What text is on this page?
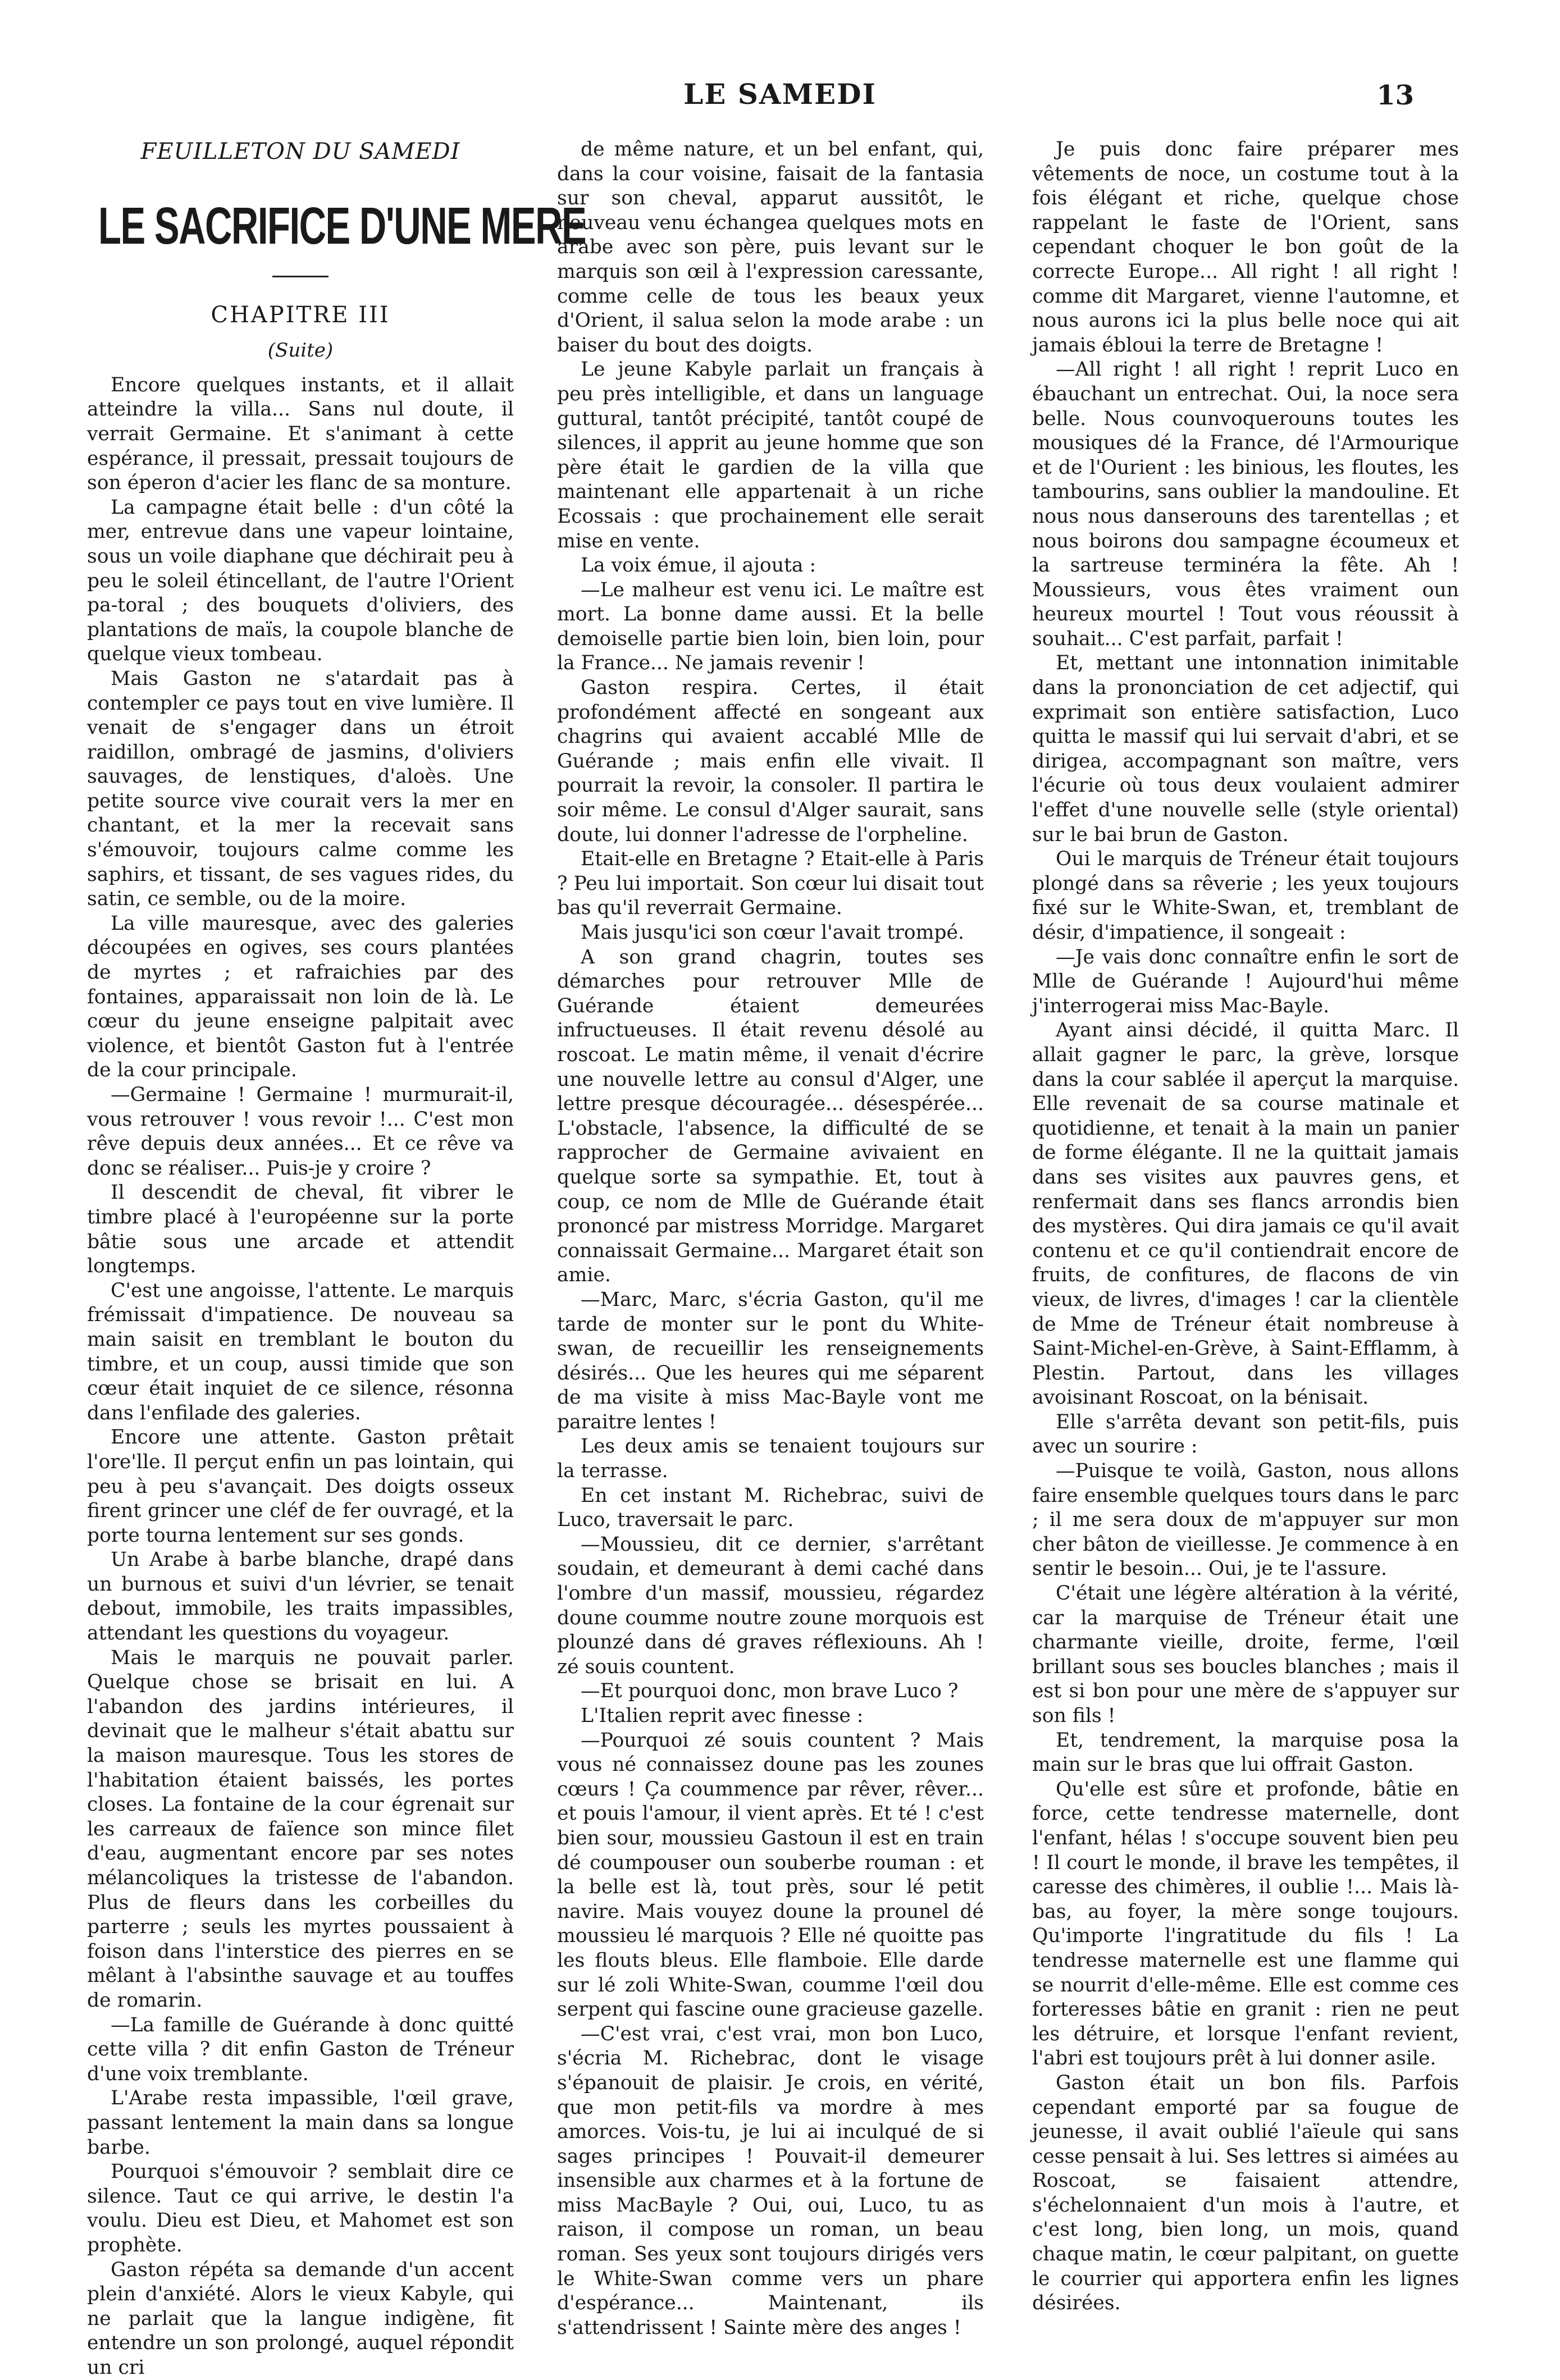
LE SAMEDI	13
FEUILLETON DU SAMEDI
LE SACRIFICE D'UNE MERE
CHAPITRE III
(Suite)

Encore quelques instants, et il allait atteindre la villa... Sans nul doute, il verrait Germaine. Et s'animant à cette espérance, il pressait, pressait toujours de son éperon d'acier les flanc de sa monture.

La campagne était belle : d'un côté la mer, entrevue dans une vapeur lointaine, sous un voile diaphane que déchirait peu à peu le soleil étincellant, de l'autre l'Orient pa-toral ; des bouquets d'oliviers, des plantations de maïs, la coupole blanche de quelque vieux tombeau.

Mais Gaston ne s'atardait pas à contempler ce pays tout en vive lumière. Il venait de s'engager dans un étroit raidillon, ombragé de jasmins, d'oliviers sauvages, de lenstiques, d'aloès. Une petite source vive courait vers la mer en chantant, et la mer la recevait sans s'émouvoir, toujours calme comme les saphirs, et tissant, de ses vagues rides, du satin, ce semble, ou de la moire.

La ville mauresque, avec des galeries découpées en ogives, ses cours plantées de myrtes ; et rafraichies par des fontaines, apparaissait non loin de là. Le cœur du jeune enseigne palpitait avec violence, et bientôt Gaston fut à l'entrée de la cour principale.

—Germaine ! Germaine ! murmurait-il, vous retrouver ! vous revoir !... C'est mon rêve depuis deux années... Et ce rêve va donc se réaliser... Puis-je y croire ?

Il descendit de cheval, fit vibrer le timbre placé à l'européenne sur la porte bâtie sous une arcade et attendit longtemps.

C'est une angoisse, l'attente. Le marquis frémissait d'impatience. De nouveau sa main saisit en tremblant le bouton du timbre, et un coup, aussi timide que son cœur était inquiet de ce silence, résonna dans l'enfilade des galeries.

Encore une attente. Gaston prêtait l'ore'lle. Il perçut enfin un pas lointain, qui peu à peu s'avançait. Des doigts osseux firent grincer une cléf de fer ouvragé, et la porte tourna lentement sur ses gonds.

Un Arabe à barbe blanche, drapé dans un burnous et suivi d'un lévrier, se tenait debout, immobile, les traits impassibles, attendant les questions du voyageur.

Mais le marquis ne pouvait parler. Quelque chose se brisait en lui. A l'abandon des jardins intérieures, il devinait que le malheur s'était abattu sur la maison mauresque. Tous les stores de l'habitation étaient baissés, les portes closes. La fontaine de la cour égrenait sur les carreaux de faïence son mince filet d'eau, augmentant encore par ses notes mélancoliques la tristesse de l'abandon. Plus de fleurs dans les corbeilles du parterre ; seuls les myrtes poussaient à foison dans l'interstice des pierres en se mêlant à l'absinthe sauvage et au touffes de romarin.

—La famille de Guérande à donc quitté cette villa ? dit enfin Gaston de Tréneur d'une voix tremblante.

L'Arabe resta impassible, l'œil grave, passant lentement la main dans sa longue barbe.

Pourquoi s'émouvoir ? semblait dire ce silence. Taut ce qui arrive, le destin l'a voulu. Dieu est Dieu, et Mahomet est son prophète.

Gaston répéta sa demande d'un accent plein d'anxiété. Alors le vieux Kabyle, qui ne parlait que la langue indigène, fit entendre un son prolongé, auquel répondit un cri

de même nature, et un bel enfant, qui, dans la cour voisine, faisait de la fantasia sur son cheval, apparut aussitôt, le nouveau venu échangea quelques mots en arabe avec son père, puis levant sur le marquis son œil à l'expression caressante, comme celle de tous les beaux yeux d'Orient, il salua selon la mode arabe : un baiser du bout des doigts.

Le jeune Kabyle parlait un français à peu près intelligible, et dans un language guttural, tantôt précipité, tantôt coupé de silences, il apprit au jeune homme que son père était le gardien de la villa que maintenant elle appartenait à un riche Ecossais : que prochainement elle serait mise en vente.

La voix émue, il ajouta :

—Le malheur est venu ici. Le maître est mort. La bonne dame aussi. Et la belle demoiselle partie bien loin, bien loin, pour la France... Ne jamais revenir !

Gaston respira. Certes, il était profondément affecté en songeant aux chagrins qui avaient accablé Mlle de Guérande ; mais enfin elle vivait. Il pourrait la revoir, la consoler. Il partira le soir même. Le consul d'Alger saurait, sans doute, lui donner l'adresse de l'orpheline.

Etait-elle en Bretagne ? Etait-elle à Paris ? Peu lui importait. Son cœur lui disait tout bas qu'il reverrait Germaine.

Mais jusqu'ici son cœur l'avait trompé.

A son grand chagrin, toutes ses démarches pour retrouver Mlle de Guérande étaient demeurées infructueuses. Il était revenu désolé au roscoat. Le matin même, il venait d'écrire une nouvelle lettre au consul d'Alger, une lettre presque découragée... désespérée... L'obstacle, l'absence, la difficulté de se rapprocher de Germaine avivaient en quelque sorte sa sympathie. Et, tout à coup, ce nom de Mlle de Guérande était prononcé par mistress Morridge. Margaret connaissait Germaine... Margaret était son amie.

—Marc, Marc, s'écria Gaston, qu'il me tarde de monter sur le pont du White-swan, de recueillir les renseignements désirés... Que les heures qui me séparent de ma visite à miss Mac-Bayle vont me paraitre lentes !

Les deux amis se tenaient toujours sur la terrasse.

En cet instant M. Richebrac, suivi de Luco, traversait le parc.

—Moussieu, dit ce dernier, s'arrêtant soudain, et demeurant à demi caché dans l'ombre d'un massif, moussieu, régardez doune coumme noutre zoune morquois est plounzé dans dé graves réflexiouns. Ah ! zé souis countent.

—Et pourquoi donc, mon brave Luco ?

L'Italien reprit avec finesse :

—Pourquoi zé souis countent ? Mais vous né connaissez doune pas les zounes cœurs ! Ça coummence par rêver, rêver... et pouis l'amour, il vient après. Et té ! c'est bien sour, moussieu Gastoun il est en train dé coumpouser oun souberbe rouman : et la belle est là, tout près, sour lé petit navire. Mais vouyez doune la prounel dé moussieu lé marquois ? Elle né quoitte pas les flouts bleus. Elle flamboie. Elle darde sur lé zoli White-Swan, coumme l'œil dou serpent qui fascine oune gracieuse gazelle.

—C'est vrai, c'est vrai, mon bon Luco, s'écria M. Richebrac, dont le visage s'épanouit de plaisir. Je crois, en vérité, que mon petit-fils va mordre à mes amorces. Vois-tu, je lui ai inculqué de si sages principes ! Pouvait-il demeurer insensible aux charmes et à la fortune de miss MacBayle ? Oui, oui, Luco, tu as raison, il compose un roman, un beau roman. Ses yeux sont toujours dirigés vers le White-Swan comme vers un phare d'espérance... Maintenant, ils s'attendrissent ! Sainte mère des anges !

Je puis donc faire préparer mes vêtements de noce, un costume tout à la fois élégant et riche, quelque chose rappelant le faste de l'Orient, sans cependant choquer le bon goût de la correcte Europe... All right ! all right ! comme dit Margaret, vienne l'automne, et nous aurons ici la plus belle noce qui ait jamais ébloui la terre de Bretagne !

—All right ! all right ! reprit Luco en ébauchant un entrechat. Oui, la noce sera belle. Nous counvoquerouns toutes les mousiques dé la France, dé l'Armourique et de l'Ourient : les binious, les floutes, les tambourins, sans oublier la mandouline. Et nous nous danserouns des tarentellas ; et nous boirons dou sampagne écoumeux et la sartreuse terminéra la fête. Ah ! Moussieurs, vous êtes vraiment oun heureux mourtel ! Tout vous réoussit à souhait... C'est parfait, parfait !

Et, mettant une intonnation inimitable dans la prononciation de cet adjectif, qui exprimait son entière satisfaction, Luco quitta le massif qui lui servait d'abri, et se dirigea, accompagnant son maître, vers l'écurie où tous deux voulaient admirer l'effet d'une nouvelle selle (style oriental) sur le bai brun de Gaston.

Oui le marquis de Tréneur était toujours plongé dans sa rêverie ; les yeux toujours fixé sur le White-Swan, et, tremblant de désir, d'impatience, il songeait :

—Je vais donc connaître enfin le sort de Mlle de Guérande ! Aujourd'hui même j'interrogerai miss Mac-Bayle.

Ayant ainsi décidé, il quitta Marc. Il allait gagner le parc, la grève, lorsque dans la cour sablée il aperçut la marquise. Elle revenait de sa course matinale et quotidienne, et tenait à la main un panier de forme élégante. Il ne la quittait jamais dans ses visites aux pauvres gens, et renfermait dans ses flancs arrondis bien des mystères. Qui dira jamais ce qu'il avait contenu et ce qu'il contiendrait encore de fruits, de confitures, de flacons de vin vieux, de livres, d'images ! car la clientèle de Mme de Tréneur était nombreuse à Saint-Michel-en-Grève, à Saint-Efflamm, à Plestin. Partout, dans les villages avoisinant Roscoat, on la bénisait.

Elle s'arrêta devant son petit-fils, puis avec un sourire :

—Puisque te voilà, Gaston, nous allons faire ensemble quelques tours dans le parc ; il me sera doux de m'appuyer sur mon cher bâton de vieillesse. Je commence à en sentir le besoin... Oui, je te l'assure.

C'était une légère altération à la vérité, car la marquise de Tréneur était une charmante vieille, droite, ferme, l'œil brillant sous ses boucles blanches ; mais il est si bon pour une mère de s'appuyer sur son fils !

Et, tendrement, la marquise posa la main sur le bras que lui offrait Gaston.

Qu'elle est sûre et profonde, bâtie en force, cette tendresse maternelle, dont l'enfant, hélas ! s'occupe souvent bien peu ! Il court le monde, il brave les tempêtes, il caresse des chimères, il oublie !... Mais là-bas, au foyer, la mère songe toujours. Qu'importe l'ingratitude du fils ! La tendresse maternelle est une flamme qui se nourrit d'elle-même. Elle est comme ces forteresses bâtie en granit : rien ne peut les détruire, et lorsque l'enfant revient, l'abri est toujours prêt à lui donner asile.

Gaston était un bon fils. Parfois cependant emporté par sa fougue de jeunesse, il avait oublié l'aïeule qui sans cesse pensait à lui. Ses lettres si aimées au Roscoat, se faisaient attendre, s'échelonnaient d'un mois à l'autre, et c'est long, bien long, un mois, quand chaque matin, le cœur palpitant, on guette le courrier qui apportera enfin les lignes désirées.
